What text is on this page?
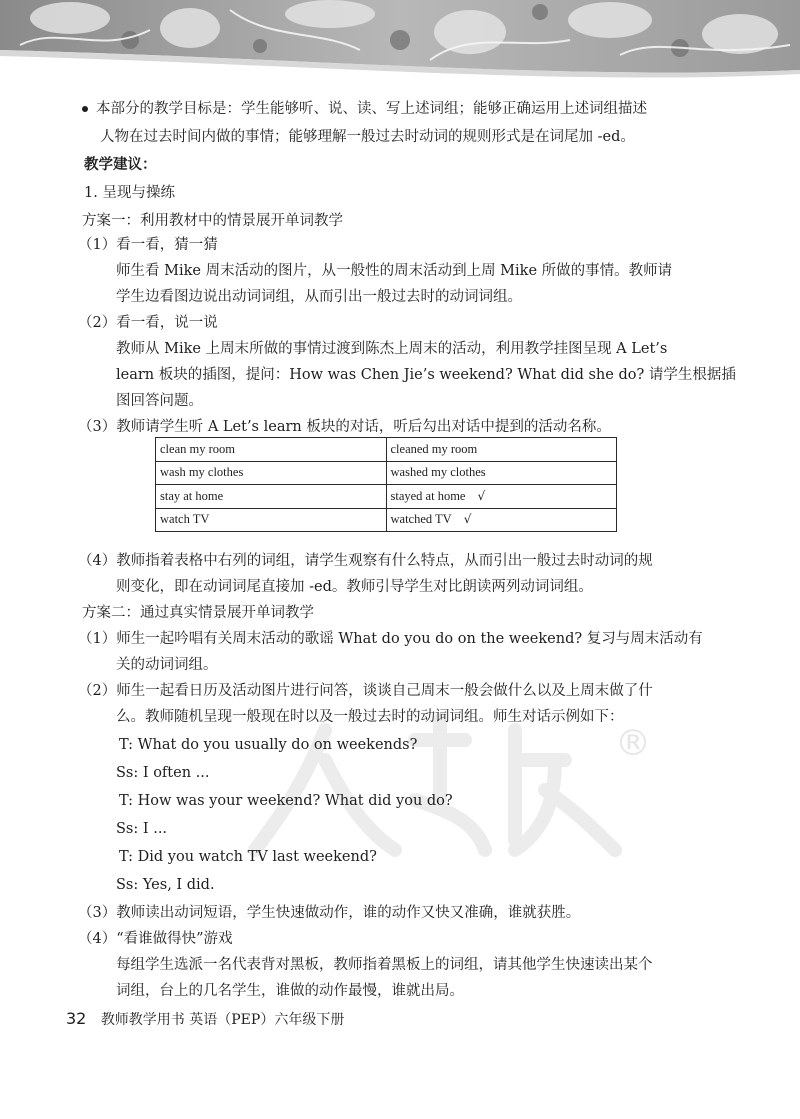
®
本部分的教学目标是：学生能够听、说、读、写上述词组；能够正确运用上述词组描述
人物在过去时间内做的事情；能够理解一般过去时动词的规则形式是在词尾加 -ed。
教学建议：
1. 呈现与操练
方案一：利用教材中的情景展开单词教学
（1）看一看，猜一猜
师生看 Mike 周末活动的图片，从一般性的周末活动到上周 Mike 所做的事情。教师请
学生边看图边说出动词词组，从而引出一般过去时的动词词组。
（2）看一看，说一说
教师从 Mike 上周末所做的事情过渡到陈杰上周末的活动，利用教学挂图呈现 A Let’s
learn 板块的插图，提问：How was Chen Jie’s weekend? What did she do? 请学生根据插
图回答问题。
（3）教师请学生听 A Let’s learn 板块的对话，听后勾出对话中提到的活动名称。
（4）教师指着表格中右列的词组，请学生观察有什么特点，从而引出一般过去时动词的规
则变化，即在动词词尾直接加 -ed。教师引导学生对比朗读两列动词词组。
方案二：通过真实情景展开单词教学
（1）师生一起吟唱有关周末活动的歌谣 What do you do on the weekend? 复习与周末活动有
关的动词词组。
（2）师生一起看日历及活动图片进行问答，谈谈自己周末一般会做什么以及上周末做了什
么。教师随机呈现一般现在时以及一般过去时的动词词组。师生对话示例如下：
T: What do you usually do on weekends?
Ss: I often ...
T: How was your weekend? What did you do?
Ss: I ...
T: Did you watch TV last weekend?
Ss: Yes, I did.
（3）教师读出动词短语，学生快速做动作，谁的动作又快又准确，谁就获胜。
（4）“看谁做得快”游戏
每组学生选派一名代表背对黑板，教师指着黑板上的词组，请其他学生快速读出某个
词组，台上的几名学生，谁做的动作最慢，谁就出局。
clean my room	cleaned my room
wash my clothes	washed my clothes
stay at home	stayed at home √
watch TV	watched TV √
32 教师教学用书 英语（PEP）六年级下册
